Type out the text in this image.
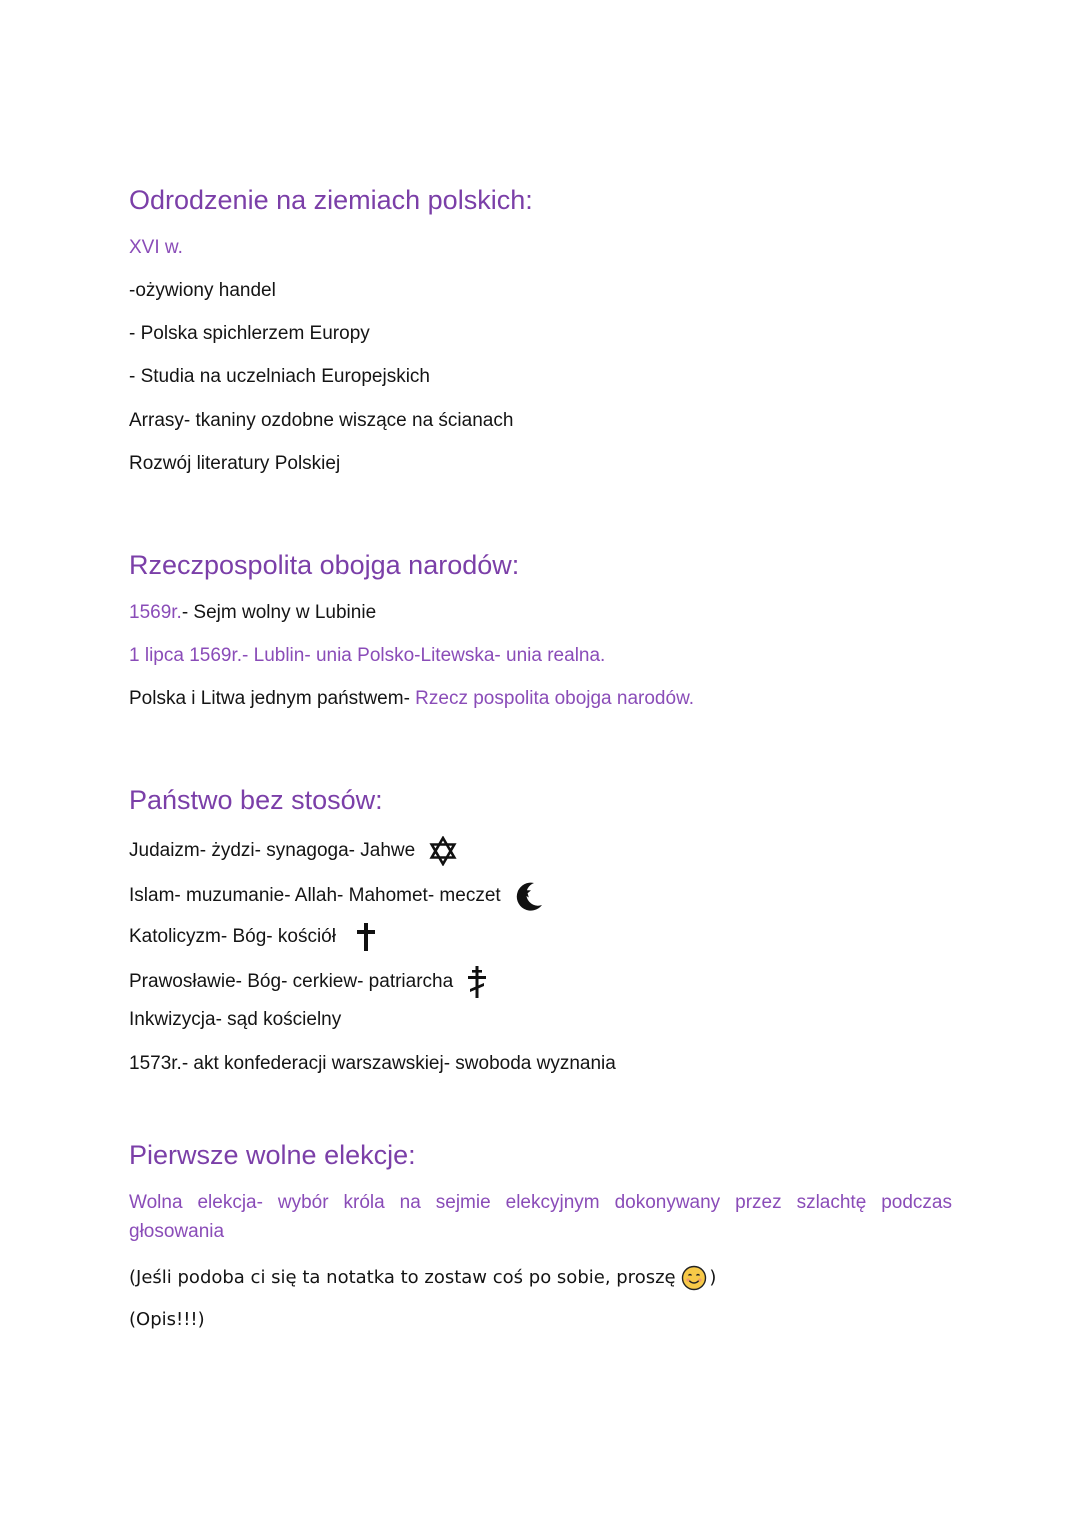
Odrodzenie na ziemiach polskich:
XVI w.
-ożywiony handel
- Polska spichlerzem Europy
- Studia na uczelniach Europejskich
Arrasy- tkaniny ozdobne wiszące na ścianach
Rozwój literatury Polskiej
Rzeczpospolita obojga narodów:
1569r.- Sejm wolny w Lubinie
1 lipca 1569r.- Lublin- unia Polsko-Litewska- unia realna.
Polska i Litwa jednym państwem- Rzecz pospolita obojga narodów.
Państwo bez stosów:
Judaizm- żydzi- synagoga- Jahwe
Islam- muzumanie- Allah- Mahomet- meczet
Katolicyzm- Bóg- kościół
Prawosławie- Bóg- cerkiew- patriarcha
Inkwizycja- sąd kościelny
1573r.- akt konfederacji warszawskiej- swoboda wyznania
Pierwsze wolne elekcje:
Wolna elekcja- wybór króla na sejmie elekcyjnym dokonywany przez szlachtę podczas głosowania
(Jeśli podoba ci się ta notatka to zostaw coś po sobie, proszę
)
(Opis!!!)
